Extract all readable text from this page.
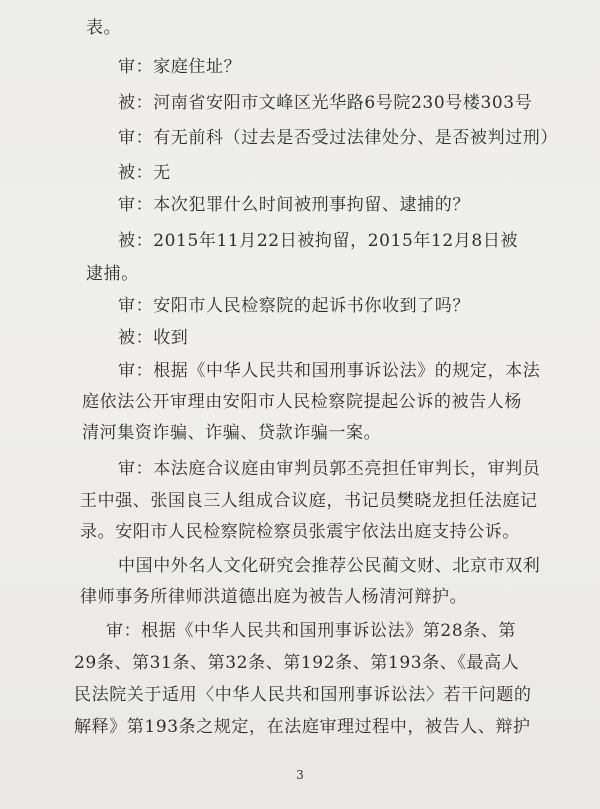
表。
审：家庭住址？
被：河南省安阳市文峰区光华路6号院230号楼303号
审：有无前科（过去是否受过法律处分、是否被判过刑）
被：无
审：本次犯罪什么时间被刑事拘留、逮捕的？
被：2015年11月22日被拘留，2015年12月8日被
逮捕。
审：安阳市人民检察院的起诉书你收到了吗？
被：收到
审：根据《中华人民共和国刑事诉讼法》的规定，本法
庭依法公开审理由安阳市人民检察院提起公诉的被告人杨
清河集资诈骗、诈骗、贷款诈骗一案。
审：本法庭合议庭由审判员郭丕亮担任审判长，审判员
王中强、张国良三人组成合议庭，书记员樊晓龙担任法庭记
录。安阳市人民检察院检察员张震宇依法出庭支持公诉。
中国中外名人文化研究会推荐公民蔺文财、北京市双利
律师事务所律师洪道德出庭为被告人杨清河辩护。
审：根据《中华人民共和国刑事诉讼法》第28条、第
29条、第31条、第32条、第192条、第193条、《最高人
民法院关于适用〈中华人民共和国刑事诉讼法〉若干问题的
解释》第193条之规定，在法庭审理过程中，被告人、辩护
3
